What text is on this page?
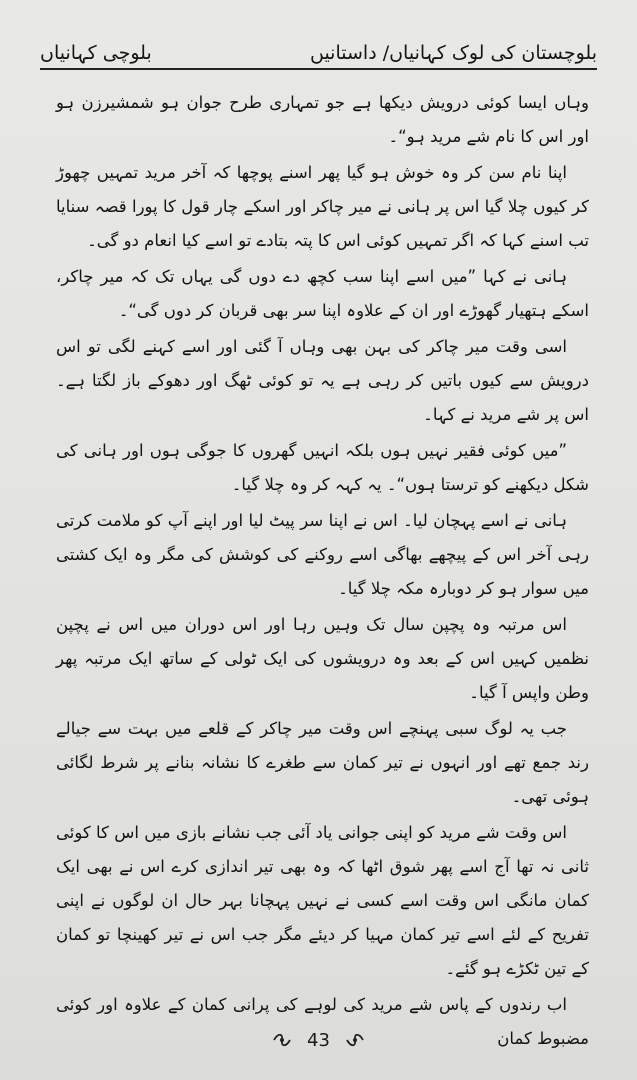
بلوچستان کی لوک کہانیاں/ داستانیں
بلوچی کہانیاں

وہاں ایسا کوئی درویش دیکھا ہے جو تمہاری طرح جوان ہو شمشیرزن ہو اور اس کا نام شے مرید ہو“۔

اپنا نام سن کر وہ خوش ہو گیا پھر اسنے پوچھا کہ آخر مرید تمہیں چھوڑ کر کیوں چلا گیا اس پر ہانی نے میر چاکر اور اسکے چار قول کا پورا قصہ سنایا تب اسنے کہا کہ اگر تمہیں کوئی اس کا پتہ بتادے تو اسے کیا انعام دو گی۔

ہانی نے کہا ”میں اسے اپنا سب کچھ دے دوں گی یہاں تک کہ میر چاکر، اسکے ہتھیار گھوڑے اور ان کے علاوہ اپنا سر بھی قربان کر دوں گی“۔

اسی وقت میر چاکر کی بہن بھی وہاں آ گئی اور اسے کہنے لگی تو اس درویش سے کیوں باتیں کر رہی ہے یہ تو کوئی ٹھگ اور دھوکے باز لگتا ہے۔ اس پر شے مرید نے کہا۔

”میں کوئی فقیر نہیں ہوں بلکہ انہیں گھروں کا جوگی ہوں اور ہانی کی شکل دیکھنے کو ترستا ہوں“۔ یہ کہہ کر وہ چلا گیا۔

ہانی نے اسے پہچان لیا۔ اس نے اپنا سر پیٹ لیا اور اپنے آپ کو ملامت کرتی رہی آخر اس کے پیچھے بھاگی اسے روکنے کی کوشش کی مگر وہ ایک کشتی میں سوار ہو کر دوبارہ مکہ چلا گیا۔

اس مرتبہ وہ پچپن سال تک وہیں رہا اور اس دوران میں اس نے پچپن نظمیں کہیں اس کے بعد وہ درویشوں کی ایک ٹولی کے ساتھ ایک مرتبہ پھر وطن واپس آ گیا۔

جب یہ لوگ سبی پہنچے اس وقت میر چاکر کے قلعے میں بہت سے جیالے رند جمع تھے اور انہوں نے تیر کمان سے طغرے کا نشانہ بنانے پر شرط لگائی ہوئی تھی۔

اس وقت شے مرید کو اپنی جوانی یاد آئی جب نشانے بازی میں اس کا کوئی ثانی نہ تھا آج اسے پھر شوق اٹھا کہ وہ بھی تیر اندازی کرے اس نے بھی ایک کمان مانگی اس وقت اسے کسی نے نہیں پہچانا بہر حال ان لوگوں نے اپنی تفریح کے لئے اسے تیر کمان مہیا کر دیئے مگر جب اس نے تیر کھینچا تو کمان کے تین ٹکڑے ہو گئے۔

اب رندوں کے پاس شے مرید کی لوہے کی پرانی کمان کے علاوہ اور کوئی مضبوط کمان

43
